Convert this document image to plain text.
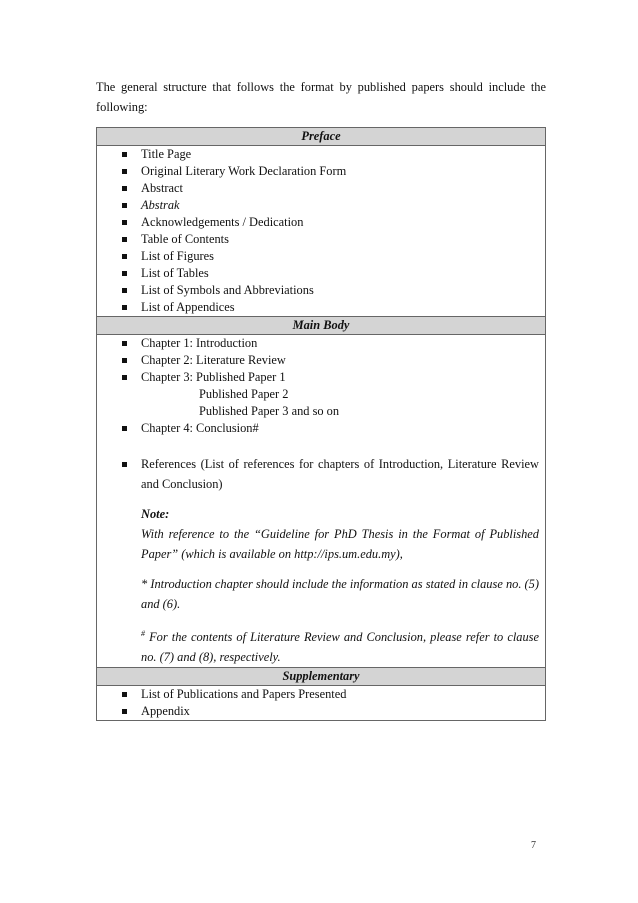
The general structure that follows the format by published papers should include the following:
Preface
Title Page
Original Literary Work Declaration Form
Abstract
Abstrak
Acknowledgements / Dedication
Table of Contents
List of Figures
List of Tables
List of Symbols and Abbreviations
List of Appendices
Main Body
Chapter 1: Introduction
Chapter 2: Literature Review
Chapter 3: Published Paper 1
Published Paper 2
Published Paper 3 and so on
Chapter 4: Conclusion#
References (List of references for chapters of Introduction, Literature Review and Conclusion)
Note:
With reference to the “Guideline for PhD Thesis in the Format of Published Paper” (which is available on http://ips.um.edu.my),
* Introduction chapter should include the information as stated in clause no. (5) and (6).
# For the contents of Literature Review and Conclusion, please refer to clause no. (7) and (8), respectively.
Supplementary
List of Publications and Papers Presented
Appendix
7
